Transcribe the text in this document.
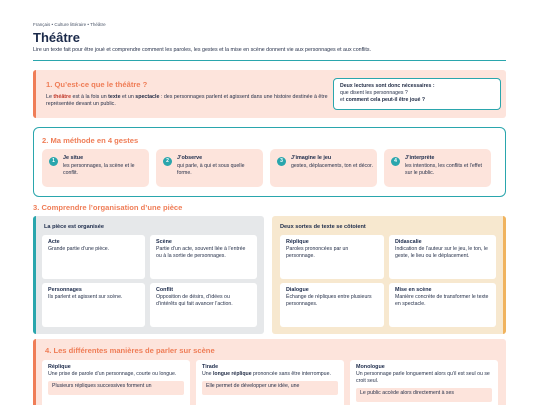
Français • Culture littéraire • Théâtre
Théâtre
Lire un texte fait pour être joué et comprendre comment les paroles, les gestes et la mise en scène donnent vie aux personnages et aux conflits.
1. Qu’est-ce que le théâtre ?
Le théâtre est à la fois un texte et un spectacle : des personnages parlent et agissent dans une histoire destinée à être représentée devant un public.
Deux lectures sont donc nécessaires :
que disent les personnages ?
et comment cela peut-il être joué ?
2. Ma méthode en 4 gestes
1	Je situe
les personnages, la scène et le conflit.
2	J’observe
qui parle, à qui et sous quelle forme.
3	J’imagine le jeu
gestes, déplacements, ton et décor.
4	J’interprète
les intentions, les conflits et l’effet sur le public.
3. Comprendre l’organisation d’une pièce
La pièce est organisée
Acte
Grande partie d’une pièce.
Scène
Partie d’un acte, souvent liée à l’entrée ou à la sortie de personnages.
Personnages
Ils parlent et agissent sur scène.
Conflit
Opposition de désirs, d’idées ou d’intérêts qui fait avancer l’action.
Deux sortes de texte se côtoient
Réplique
Paroles prononcées par un personnage.
Didascalie
Indication de l’auteur sur le jeu, le ton, le geste, le lieu ou le déplacement.
Dialogue
Échange de répliques entre plusieurs personnages.
Mise en scène
Manière concrète de transformer le texte en spectacle.
4. Les différentes manières de parler sur scène
Réplique
Une prise de parole d’un personnage, courte ou longue.
Plusieurs répliques successives forment un
Tirade
Une longue réplique prononcée sans être interrompue.
Elle permet de développer une idée, une
Monologue
Un personnage parle longuement alors qu’il est seul ou se croit seul.
Le public accède alors directement à ses
